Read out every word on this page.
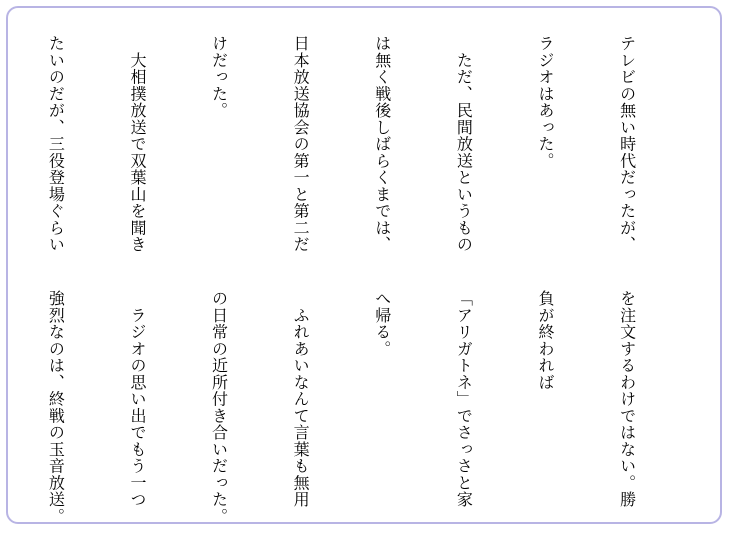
テレビの無い時代だったが、

ラジオはあった。

　ただ、民間放送というもの

は無く戦後しばらくまでは、

日本放送協会の第一と第二だ

けだった。

　大相撲放送で双葉山を聞き

たいのだが、三役登場ぐらい

を注文するわけではない。勝

負が終われば

「アリガトネ」でさっさと家

へ帰る。

　ふれあいなんて言葉も無用

の日常の近所付き合いだった。

　ラジオの思い出でもう一つ

強烈なのは、終戦の玉音放送。
